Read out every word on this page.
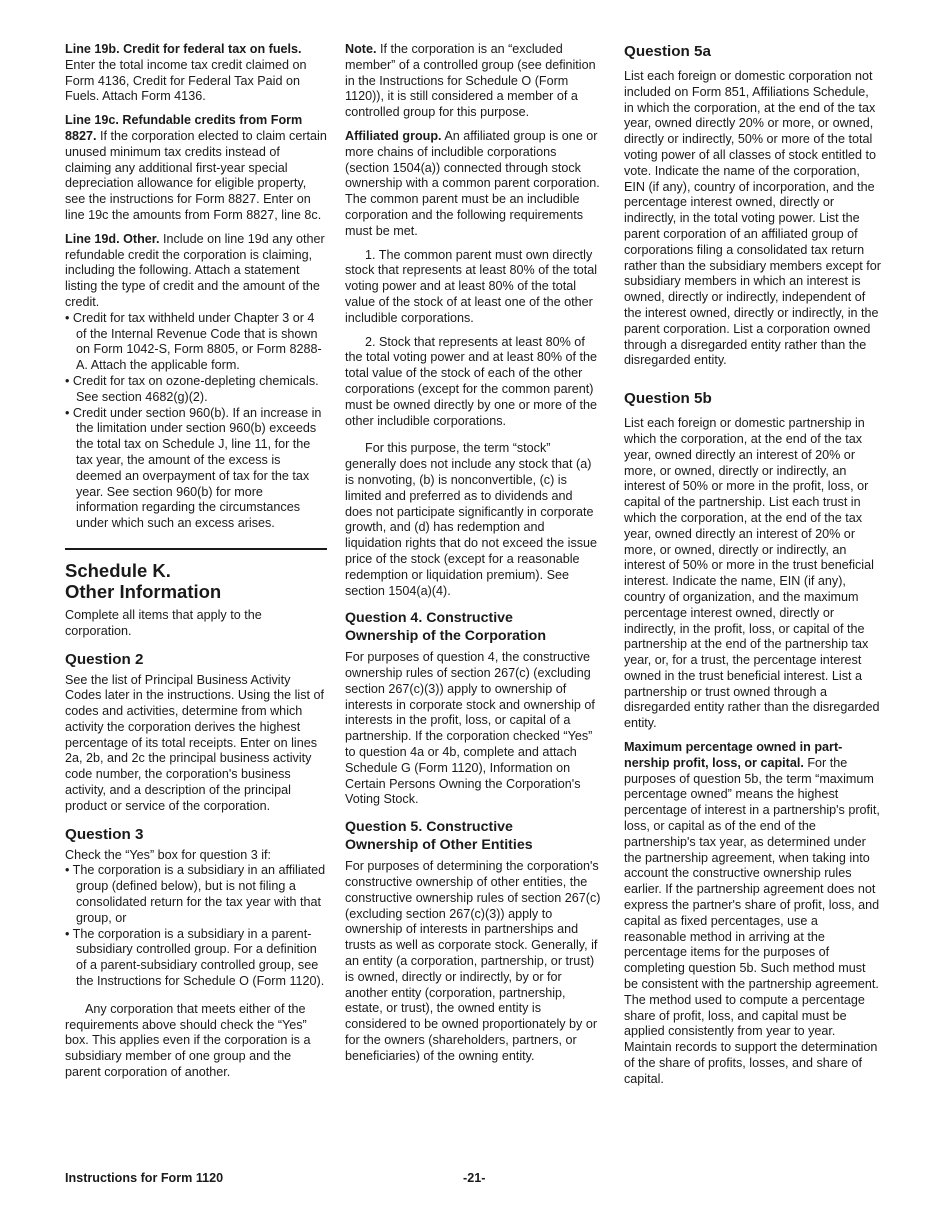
Line 19b. Credit for federal tax on fuels. Enter the total income tax credit claimed on Form 4136, Credit for Federal Tax Paid on Fuels. Attach Form 4136.

Line 19c. Refundable credits from Form 8827. If the corporation elected to claim certain unused minimum tax credits instead of claiming any additional first-year special depreciation allowance for eligible property, see the instructions for Form 8827. Enter on line 19c the amounts from Form 8827, line 8c.

Line 19d. Other. Include on line 19d any other refundable credit the corporation is claiming, including the following. Attach a statement listing the type of credit and the amount of the credit.

• Credit for tax withheld under Chapter 3 or 4 of the Internal Revenue Code that is shown on Form 1042-S, Form 8805, or Form 8288-A. Attach the applicable form.

• Credit for tax on ozone-depleting chemicals. See section 4682(g)(2).

• Credit under section 960(b). If an increase in the limitation under section 960(b) exceeds the total tax on Schedule J, line 11, for the tax year, the amount of the excess is deemed an overpayment of tax for the tax year. See section 960(b) for more information regarding the circumstances under which such an excess arises.

Schedule K.
Other Information

Complete all items that apply to the corporation.

Question 2

See the list of Principal Business Activity Codes later in the instructions. Using the list of codes and activities, determine from which activity the corporation derives the highest percentage of its total receipts. Enter on lines 2a, 2b, and 2c the principal business activity code number, the corporation's business activity, and a description of the principal product or service of the corporation.

Question 3

Check the “Yes” box for question 3 if:

• The corporation is a subsidiary in an affiliated group (defined below), but is not filing a consolidated return for the tax year with that group, or

• The corporation is a subsidiary in a parent-subsidiary controlled group. For a definition of a parent-subsidiary controlled group, see the Instructions for Schedule O (Form 1120).

Any corporation that meets either of the requirements above should check the “Yes” box. This applies even if the corporation is a subsidiary member of one group and the parent corporation of another.

Note. If the corporation is an “excluded member” of a controlled group (see definition in the Instructions for Schedule O (Form 1120)), it is still considered a member of a controlled group for this purpose.

Affiliated group. An affiliated group is one or more chains of includible corporations (section 1504(a)) connected through stock ownership with a common parent corporation. The common parent must be an includible corporation and the following requirements must be met.

1. The common parent must own directly stock that represents at least 80% of the total voting power and at least 80% of the total value of the stock of at least one of the other includible corporations.

2. Stock that represents at least 80% of the total voting power and at least 80% of the total value of the stock of each of the other corporations (except for the common parent) must be owned directly by one or more of the other includible corporations.

For this purpose, the term “stock” generally does not include any stock that (a) is nonvoting, (b) is nonconvertible, (c) is limited and preferred as to dividends and does not participate significantly in corporate growth, and (d) has redemption and liquidation rights that do not exceed the issue price of the stock (except for a reasonable redemption or liquidation premium). See section 1504(a)(4).

Question 4. Constructive
Ownership of the Corporation

For purposes of question 4, the constructive ownership rules of section 267(c) (excluding section 267(c)(3)) apply to ownership of interests in corporate stock and ownership of interests in the profit, loss, or capital of a partnership. If the corporation checked “Yes” to question 4a or 4b, complete and attach Schedule G (Form 1120), Information on Certain Persons Owning the Corporation's Voting Stock.

Question 5. Constructive
Ownership of Other Entities

For purposes of determining the corporation's constructive ownership of other entities, the constructive ownership rules of section 267(c) (excluding section 267(c)(3)) apply to ownership of interests in partnerships and trusts as well as corporate stock. Generally, if an entity (a corporation, partnership, or trust) is owned, directly or indirectly, by or for another entity (corporation, partnership, estate, or trust), the owned entity is considered to be owned proportionately by or for the owners (shareholders, partners, or beneficiaries) of the owning entity.

Question 5a

List each foreign or domestic corporation not included on Form 851, Affiliations Schedule, in which the corporation, at the end of the tax year, owned directly 20% or more, or owned, directly or indirectly, 50% or more of the total voting power of all classes of stock entitled to vote. Indicate the name of the corporation, EIN (if any), country of incorporation, and the percentage interest owned, directly or indirectly, in the total voting power. List the parent corporation of an affiliated group of corporations filing a consolidated tax return rather than the subsidiary members except for subsidiary members in which an interest is owned, directly or indirectly, independent of the interest owned, directly or indirectly, in the parent corporation. List a corporation owned through a disregarded entity rather than the disregarded entity.

Question 5b

List each foreign or domestic partnership in which the corporation, at the end of the tax year, owned directly an interest of 20% or more, or owned, directly or indirectly, an interest of 50% or more in the profit, loss, or capital of the partnership. List each trust in which the corporation, at the end of the tax year, owned directly an interest of 20% or more, or owned, directly or indirectly, an interest of 50% or more in the trust beneficial interest. Indicate the name, EIN (if any), country of organization, and the maximum percentage interest owned, directly or indirectly, in the profit, loss, or capital of the partnership at the end of the partnership tax year, or, for a trust, the percentage interest owned in the trust beneficial interest. List a partnership or trust owned through a disregarded entity rather than the disregarded entity.

Maximum percentage owned in partnership profit, loss, or capital. For the purposes of question 5b, the term “maximum percentage owned” means the highest percentage of interest in a partnership's profit, loss, or capital as of the end of the partnership's tax year, as determined under the partnership agreement, when taking into account the constructive ownership rules earlier. If the partnership agreement does not express the partner's share of profit, loss, and capital as fixed percentages, use a reasonable method in arriving at the percentage items for the purposes of completing question 5b. Such method must be consistent with the partnership agreement. The method used to compute a percentage share of profit, loss, and capital must be applied consistently from year to year. Maintain records to support the determination of the share of profits, losses, and share of capital.

Instructions for Form 1120	-21-
